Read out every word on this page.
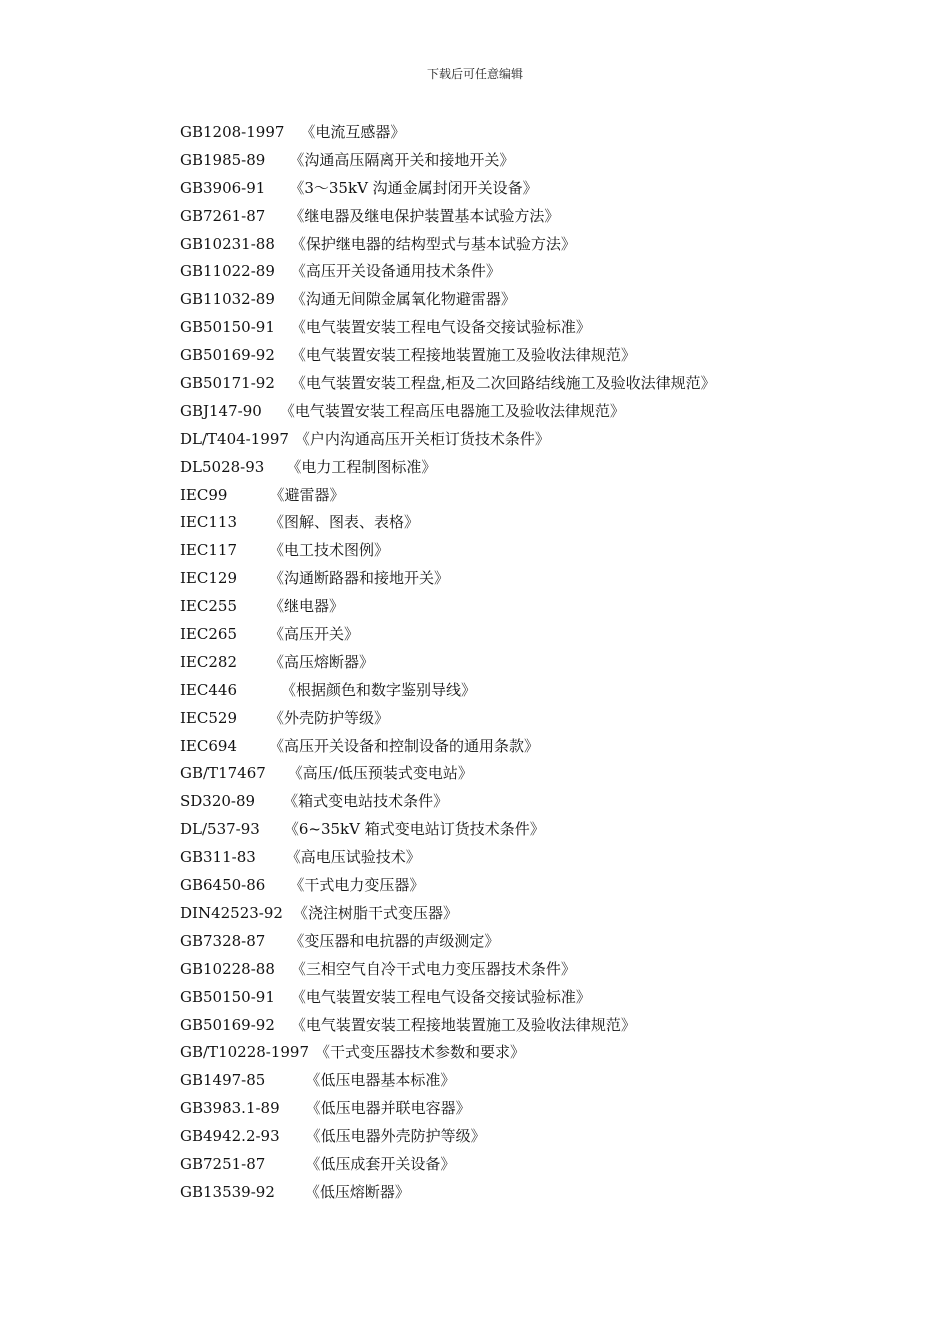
下载后可任意编辑
GB1208-1997 《电流互感器》
GB1985-89 《沟通高压隔离开关和接地开关》
GB3906-91 《3～35kV 沟通金属封闭开关设备》
GB7261-87 《继电器及继电保护装置基本试验方法》
GB10231-88 《保护继电器的结构型式与基本试验方法》
GB11022-89 《高压开关设备通用技术条件》
GB11032-89 《沟通无间隙金属氧化物避雷器》
GB50150-91 《电气装置安装工程电气设备交接试验标准》
GB50169-92 《电气装置安装工程接地装置施工及验收法律规范》
GB50171-92 《电气装置安装工程盘,柜及二次回路结线施工及验收法律规范》
GBJ147-90 《电气装置安装工程高压电器施工及验收法律规范》
DL/T404-1997 《户内沟通高压开关柜订货技术条件》
DL5028-93 《电力工程制图标准》
IEC99	《避雷器》
IEC113 《图解、图表、表格》
IEC117 《电工技术图例》
IEC129 《沟通断路器和接地开关》
IEC255 《继电器》
IEC265 《高压开关》
IEC282 《高压熔断器》
IEC446	《根据颜色和数字鉴别导线》
IEC529 《外壳防护等级》
IEC694 《高压开关设备和控制设备的通用条款》
GB/T17467 《高压/低压预装式变电站》
SD320-89 《箱式变电站技术条件》
DL/537-93 《6~35kV 箱式变电站订货技术条件》
GB311-83 《高电压试验技术》
GB6450-86 《干式电力变压器》
DIN42523-92 《浇注树脂干式变压器》
GB7328-87 《变压器和电抗器的声级测定》
GB10228-88 《三相空气自冷干式电力变压器技术条件》
GB50150-91 《电气装置安装工程电气设备交接试验标准》
GB50169-92 《电气装置安装工程接地装置施工及验收法律规范》
GB/T10228-1997 《干式变压器技术参数和要求》
GB1497-85	《低压电器基本标准》
GB3983.1-89 《低压电器并联电容器》
GB4942.2-93 《低压电器外壳防护等级》
GB7251-87	《低压成套开关设备》
GB13539-92 《低压熔断器》
